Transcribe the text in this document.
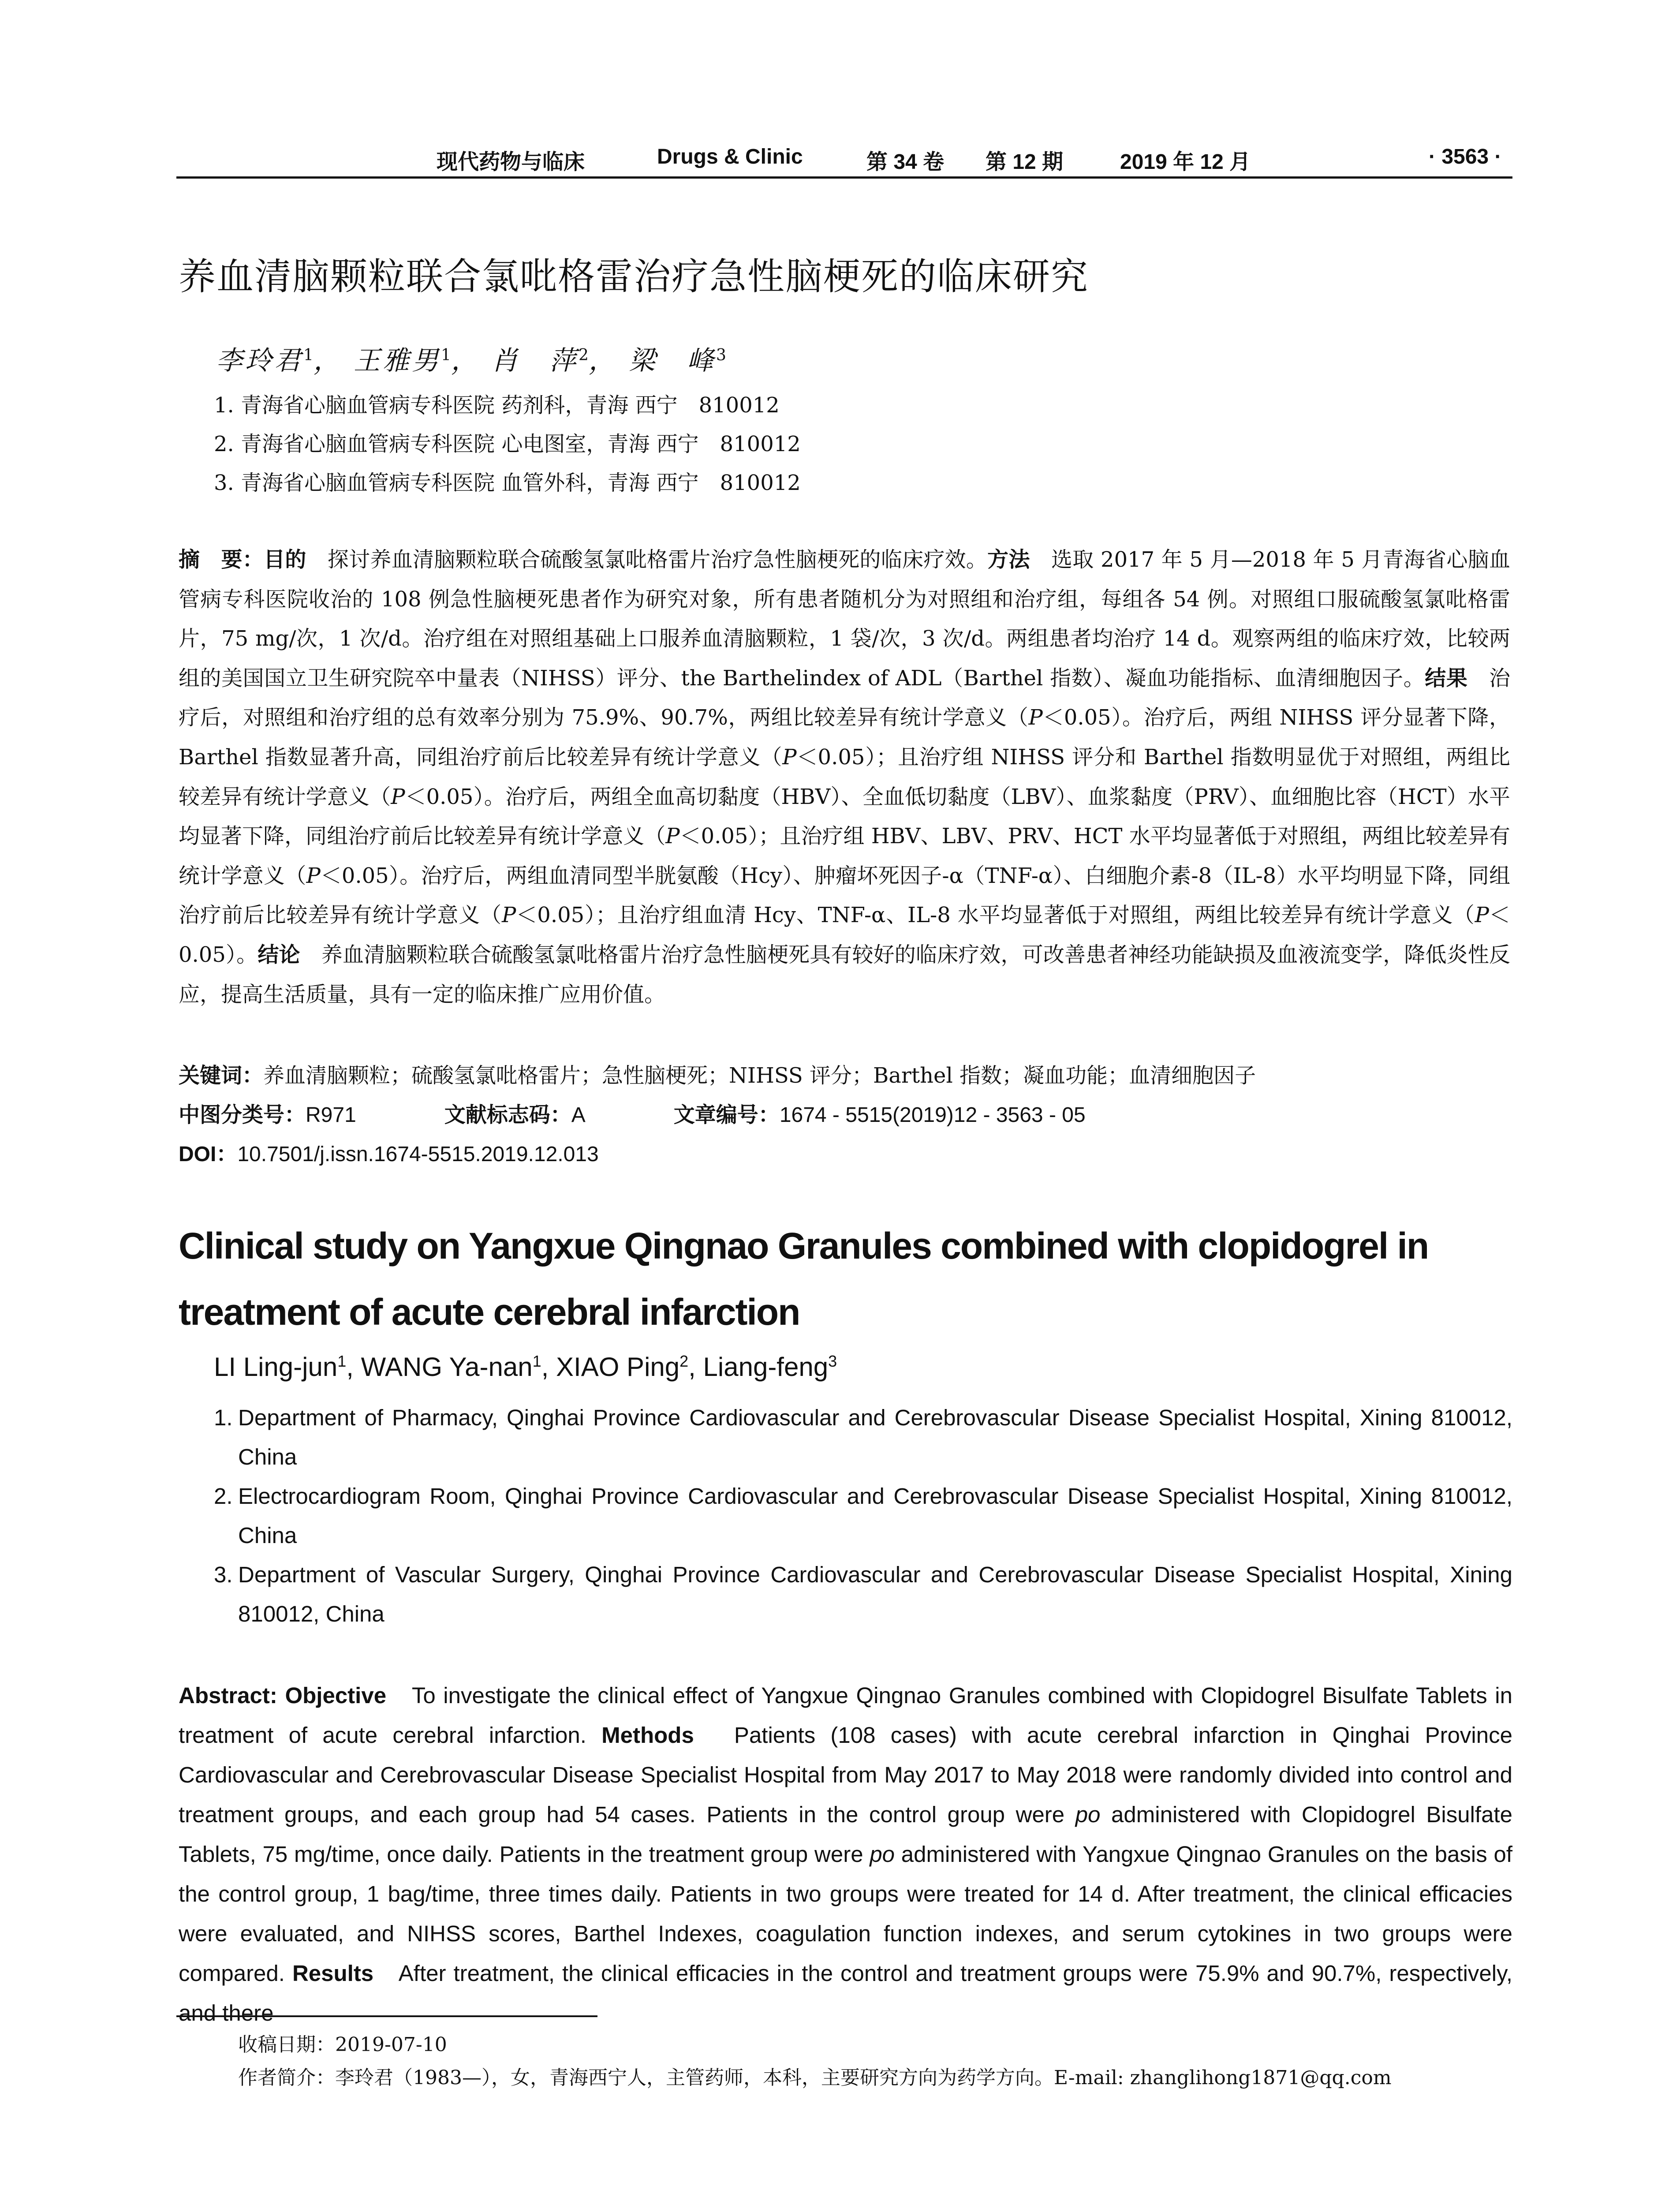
现代药物与临床	Drugs & Clinic	第 34 卷 第 12 期	2019 年 12 月	· 3563 ·
养血清脑颗粒联合氯吡格雷治疗急性脑梗死的临床研究
李玲君$^1$， 王雅男$^1$， 肖　萍$^2$， 梁　峰$^3$
1. 青海省心脑血管病专科医院 药剂科，青海 西宁　810012
2. 青海省心脑血管病专科医院 心电图室，青海 西宁　810012
3. 青海省心脑血管病专科医院 血管外科，青海 西宁　810012

摘　要：目的　探讨养血清脑颗粒联合硫酸氢氯吡格雷片治疗急性脑梗死的临床疗效。方法　选取 2017 年 5 月—2018 年 5 月青海省心脑血管病专科医院收治的 108 例急性脑梗死患者作为研究对象，所有患者随机分为对照组和治疗组，每组各 54 例。对照组口服硫酸氢氯吡格雷片，75 mg/次，1 次/d。治疗组在对照组基础上口服养血清脑颗粒，1 袋/次，3 次/d。两组患者均治疗 14 d。观察两组的临床疗效，比较两组的美国国立卫生研究院卒中量表（NIHSS）评分、the Barthelindex of ADL（Barthel 指数）、凝血功能指标、血清细胞因子。结果　治疗后，对照组和治疗组的总有效率分别为 75.9%、90.7%，两组比较差异有统计学意义（P＜0.05）。治疗后，两组 NIHSS 评分显著下降，Barthel 指数显著升高，同组治疗前后比较差异有统计学意义（P＜0.05）；且治疗组 NIHSS 评分和 Barthel 指数明显优于对照组，两组比较差异有统计学意义（P＜0.05）。治疗后，两组全血高切黏度（HBV）、全血低切黏度（LBV）、血浆黏度（PRV）、血细胞比容（HCT）水平均显著下降，同组治疗前后比较差异有统计学意义（P＜0.05）；且治疗组 HBV、LBV、PRV、HCT 水平均显著低于对照组，两组比较差异有统计学意义（P＜0.05）。治疗后，两组血清同型半胱氨酸（Hcy）、肿瘤坏死因子-α（TNF-α）、白细胞介素-8（IL-8）水平均明显下降，同组治疗前后比较差异有统计学意义（P＜0.05）；且治疗组血清 Hcy、TNF-α、IL-8 水平均显著低于对照组，两组比较差异有统计学意义（P＜0.05）。结论　养血清脑颗粒联合硫酸氢氯吡格雷片治疗急性脑梗死具有较好的临床疗效，可改善患者神经功能缺损及血液流变学，降低炎性反应，提高生活质量，具有一定的临床推广应用价值。

关键词：养血清脑颗粒；硫酸氢氯吡格雷片；急性脑梗死；NIHSS 评分；Barthel 指数；凝血功能；血清细胞因子
中图分类号：R971	文献标志码：A	文章编号：1674 - 5515(2019)12 - 3563 - 05
DOI：10.7501/j.issn.1674-5515.2019.12.013
Clinical study on Yangxue Qingnao Granules combined with clopidogrel in treatment of acute cerebral infarction
LI Ling-jun$^1$, WANG Ya-nan$^1$, XIAO Ping$^2$, Liang-feng$^3$
1. Department of Pharmacy, Qinghai Province Cardiovascular and Cerebrovascular Disease Specialist Hospital, Xining 810012, China
2. Electrocardiogram Room, Qinghai Province Cardiovascular and Cerebrovascular Disease Specialist Hospital, Xining 810012, China
3. Department of Vascular Surgery, Qinghai Province Cardiovascular and Cerebrovascular Disease Specialist Hospital, Xining 810012, China
Abstract: Objective　To investigate the clinical effect of Yangxue Qingnao Granules combined with Clopidogrel Bisulfate Tablets in treatment of acute cerebral infarction. Methods　Patients (108 cases) with acute cerebral infarction in Qinghai Province Cardiovascular and Cerebrovascular Disease Specialist Hospital from May 2017 to May 2018 were randomly divided into control and treatment groups, and each group had 54 cases. Patients in the control group were po administered with Clopidogrel Bisulfate Tablets, 75 mg/time, once daily. Patients in the treatment group were po administered with Yangxue Qingnao Granules on the basis of the control group, 1 bag/time, three times daily. Patients in two groups were treated for 14 d. After treatment, the clinical efficacies were evaluated, and NIHSS scores, Barthel Indexes, coagulation function indexes, and serum cytokines in two groups were compared. Results　After treatment, the clinical efficacies in the control and treatment groups were 75.9% and 90.7%, respectively, and there
收稿日期：2019-07-10
作者简介：李玲君（1983—），女，青海西宁人，主管药师，本科，主要研究方向为药学方向。E-mail: zhanglihong1871@qq.com
